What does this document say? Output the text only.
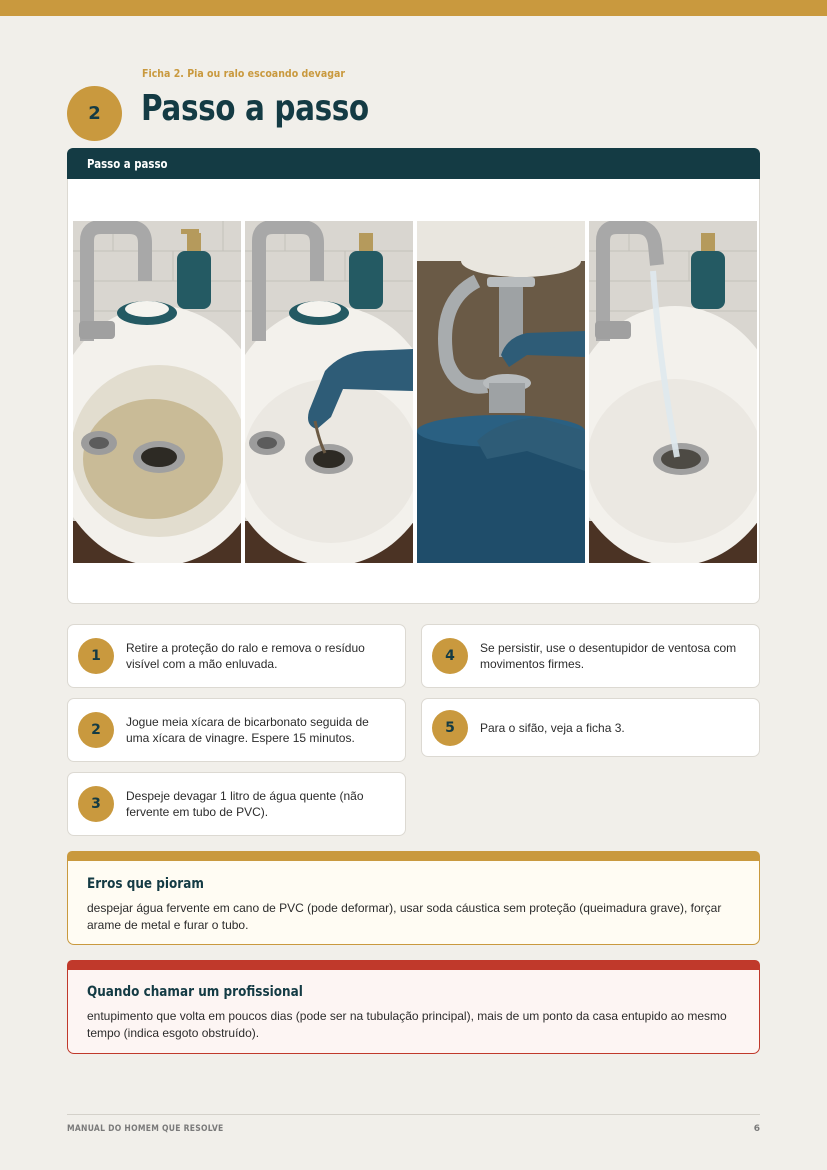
Ficha 2. Pia ou ralo escoando devagar
2	Passo a passo
Passo a passo
1	Retire a proteção do ralo e remova o resíduo visível com a mão enluvada.
2	Jogue meia xícara de bicarbonato seguida de uma xícara de vinagre. Espere 15 minutos.
3	Despeje devagar 1 litro de água quente (não fervente em tubo de PVC).
4	Se persistir, use o desentupidor de ventosa com movimentos firmes.
5	Para o sifão, veja a ficha 3.
Erros que pioram

despejar água fervente em cano de PVC (pode deformar), usar soda cáustica sem proteção (queimadura grave), forçar arame de metal e furar o tubo.

Quando chamar um profissional

entupimento que volta em poucos dias (pode ser na tubulação principal), mais de um ponto da casa entupido ao mesmo tempo (indica esgoto obstruído).

MANUAL DO HOMEM QUE RESOLVE	6
